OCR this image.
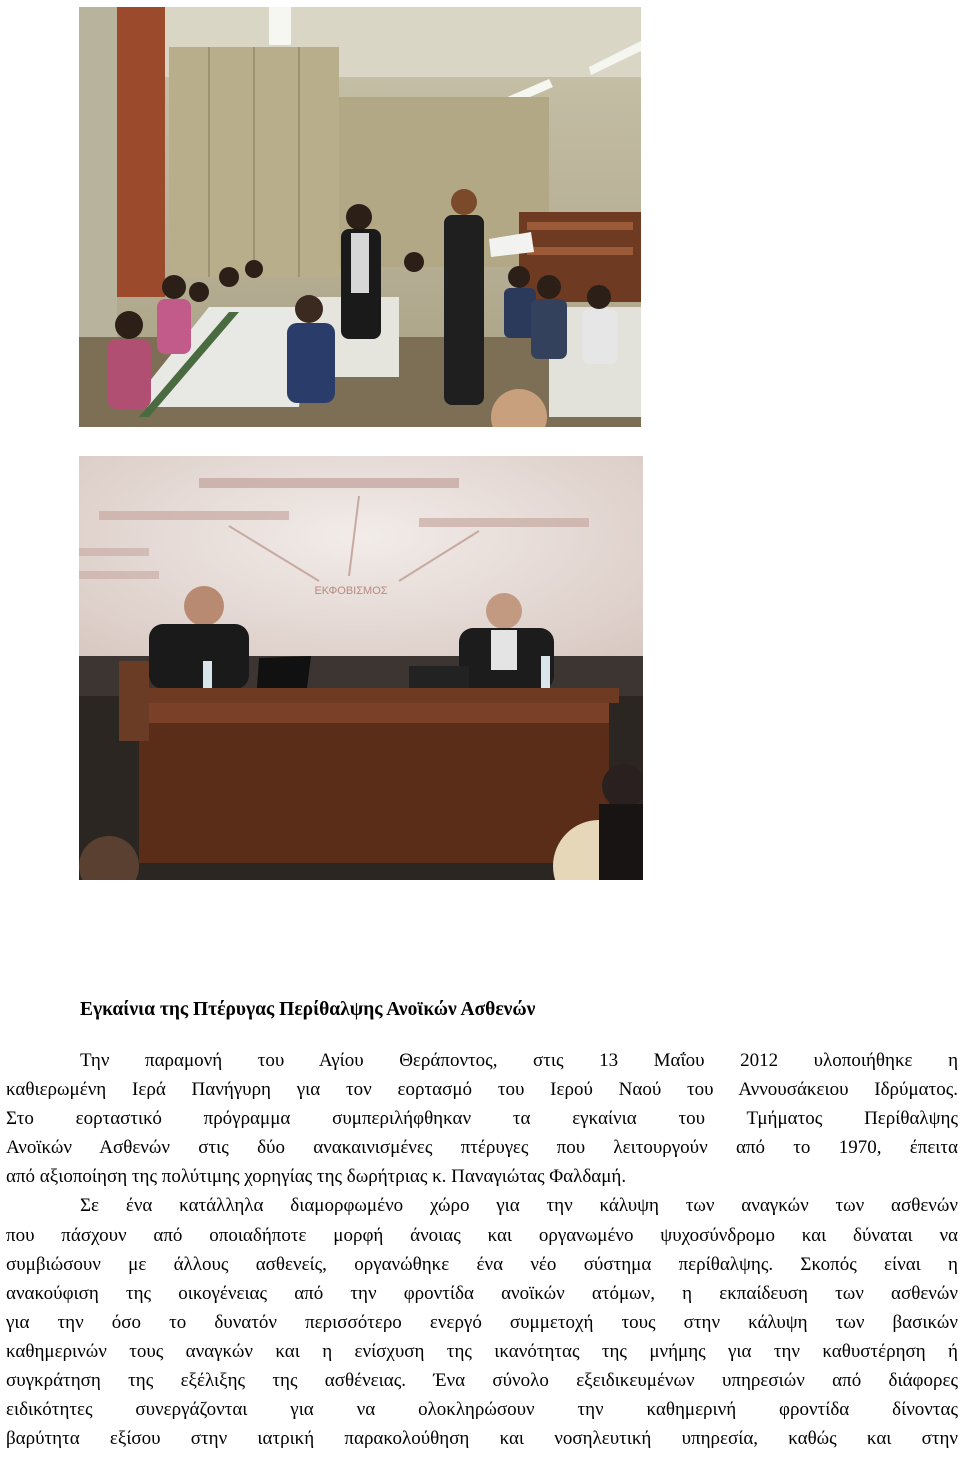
ΕΚΦΟΒΙΣΜΟΣ
Εγκαίνια της Πτέρυγας Περίθαλψης Ανοϊκών Ασθενών
Την παραμονή του Αγίου Θεράποντος, στις 13 Μαΐου 2012 υλοποιήθηκε η
καθιερωμένη Ιερά Πανήγυρη για τον εορτασμό του Ιερού Ναού του Αννουσάκειου Ιδρύματος.
Στο εορταστικό πρόγραμμα συμπεριλήφθηκαν τα εγκαίνια του Τμήματος Περίθαλψης
Ανοϊκών Ασθενών στις δύο ανακαινισμένες πτέρυγες που λειτουργούν από το 1970, έπειτα
από αξιοποίηση της πολύτιμης χορηγίας της δωρήτριας κ. Παναγιώτας Φαλδαμή.
Σε ένα κατάλληλα διαμορφωμένο χώρο για την κάλυψη των αναγκών των ασθενών
που πάσχουν από οποιαδήποτε μορφή άνοιας και οργανωμένο ψυχοσύνδρομο και δύναται να
συμβιώσουν με άλλους ασθενείς, οργανώθηκε ένα νέο σύστημα περίθαλψης. Σκοπός είναι η
ανακούφιση της οικογένειας από την φροντίδα ανοϊκών ατόμων, η εκπαίδευση των ασθενών
για την όσο το δυνατόν περισσότερο ενεργό συμμετοχή τους στην κάλυψη των βασικών
καθημερινών τους αναγκών και η ενίσχυση της ικανότητας της μνήμης για την καθυστέρηση ή
συγκράτηση της εξέλιξης της ασθένειας. Ένα σύνολο εξειδικευμένων υπηρεσιών από διάφορες
ειδικότητες συνεργάζονται για να ολοκληρώσουν την καθημερινή φροντίδα δίνοντας
βαρύτητα εξίσου στην ιατρική παρακολούθηση και νοσηλευτική υπηρεσία, καθώς και στην
